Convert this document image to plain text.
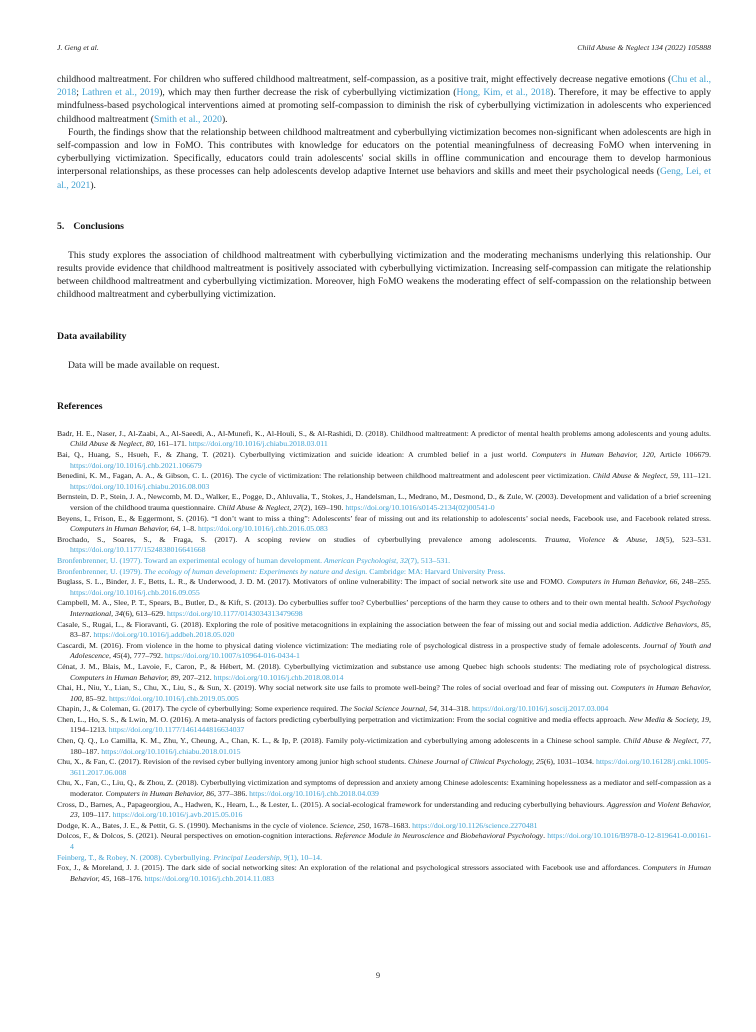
J. Geng et al.	Child Abuse & Neglect 134 (2022) 105888

childhood maltreatment. For children who suffered childhood maltreatment, self-compassion, as a positive trait, might effectively decrease negative emotions (Chu et al., 2018; Lathren et al., 2019), which may then further decrease the risk of cyberbullying victimization (Hong, Kim, et al., 2018). Therefore, it may be effective to apply mindfulness-based psychological interventions aimed at promoting self-compassion to diminish the risk of cyberbullying victimization in adolescents who experienced childhood maltreatment (Smith et al., 2020).

Fourth, the findings show that the relationship between childhood maltreatment and cyberbullying victimization becomes non-significant when adolescents are high in self-compassion and low in FoMO. This contributes with knowledge for educators on the potential meaningfulness of decreasing FoMO when intervening in cyberbullying victimization. Specifically, educators could train adolescents' social skills in offline communication and encourage them to develop harmonious interpersonal relationships, as these processes can help adolescents develop adaptive Internet use behaviors and skills and meet their psychological needs (Geng, Lei, et al., 2021).

5. Conclusions

This study explores the association of childhood maltreatment with cyberbullying victimization and the moderating mechanisms underlying this relationship. Our results provide evidence that childhood maltreatment is positively associated with cyberbullying victimization. Increasing self-compassion can mitigate the relationship between childhood maltreatment and cyberbullying victimization. Moreover, high FoMO weakens the moderating effect of self-compassion on the relationship between childhood maltreatment and cyberbullying victimization.

Data availability

Data will be made available on request.

References

Badr, H. E., Naser, J., Al-Zaabi, A., Al-Saeedi, A., Al-Munefi, K., Al-Houli, S., & Al-Rashidi, D. (2018). Childhood maltreatment: A predictor of mental health problems among adolescents and young adults. Child Abuse & Neglect, 80, 161–171. https://doi.org/10.1016/j.chiabu.2018.03.011

Bai, Q., Huang, S., Hsueh, F., & Zhang, T. (2021). Cyberbullying victimization and suicide ideation: A crumbled belief in a just world. Computers in Human Behavior, 120, Article 106679. https://doi.org/10.1016/j.chb.2021.106679

Benedini, K. M., Fagan, A. A., & Gibson, C. L. (2016). The cycle of victimization: The relationship between childhood maltreatment and adolescent peer victimization. Child Abuse & Neglect, 59, 111–121. https://doi.org/10.1016/j.chiabu.2016.08.003

Bernstein, D. P., Stein, J. A., Newcomb, M. D., Walker, E., Pogge, D., Ahluvalia, T., Stokes, J., Handelsman, L., Medrano, M., Desmond, D., & Zule, W. (2003). Development and validation of a brief screening version of the childhood trauma questionnaire. Child Abuse & Neglect, 27(2), 169–190. https://doi.org/10.1016/s0145-2134(02)00541-0

Beyens, I., Frison, E., & Eggermont, S. (2016). “I don’t want to miss a thing”: Adolescents’ fear of missing out and its relationship to adolescents’ social needs, Facebook use, and Facebook related stress. Computers in Human Behavior, 64, 1–8. https://doi.org/10.1016/j.chb.2016.05.083

Brochado, S., Soares, S., & Fraga, S. (2017). A scoping review on studies of cyberbullying prevalence among adolescents. Trauma, Violence & Abuse, 18(5), 523–531. https://doi.org/10.1177/1524838016641668

Bronfenbrenner, U. (1977). Toward an experimental ecology of human development. American Psychologist, 32(7), 513–531.

Bronfenbrenner, U. (1979). The ecology of human development: Experiments by nature and design. Cambridge: MA: Harvard University Press.

Buglass, S. L., Binder, J. F., Betts, L. R., & Underwood, J. D. M. (2017). Motivators of online vulnerability: The impact of social network site use and FOMO. Computers in Human Behavior, 66, 248–255. https://doi.org/10.1016/j.chb.2016.09.055

Campbell, M. A., Slee, P. T., Spears, B., Butler, D., & Kift, S. (2013). Do cyberbullies suffer too? Cyberbullies’ perceptions of the harm they cause to others and to their own mental health. School Psychology International, 34(6), 613–629. https://doi.org/10.1177/0143034313479698

Casale, S., Rugai, L., & Fioravanti, G. (2018). Exploring the role of positive metacognitions in explaining the association between the fear of missing out and social media addiction. Addictive Behaviors, 85, 83–87. https://doi.org/10.1016/j.addbeh.2018.05.020

Cascardi, M. (2016). From violence in the home to physical dating violence victimization: The mediating role of psychological distress in a prospective study of female adolescents. Journal of Youth and Adolescence, 45(4), 777–792. https://doi.org/10.1007/s10964-016-0434-1

Cénat, J. M., Blais, M., Lavoie, F., Caron, P., & Hébert, M. (2018). Cyberbullying victimization and substance use among Quebec high schools students: The mediating role of psychological distress. Computers in Human Behavior, 89, 207–212. https://doi.org/10.1016/j.chb.2018.08.014

Chai, H., Niu, Y., Lian, S., Chu, X., Liu, S., & Sun, X. (2019). Why social network site use fails to promote well-being? The roles of social overload and fear of missing out. Computers in Human Behavior, 100, 85–92. https://doi.org/10.1016/j.chb.2019.05.005

Chapin, J., & Coleman, G. (2017). The cycle of cyberbullying: Some experience required. The Social Science Journal, 54, 314–318. https://doi.org/10.1016/j.soscij.2017.03.004

Chen, L., Ho, S. S., & Lwin, M. O. (2016). A meta-analysis of factors predicting cyberbullying perpetration and victimization: From the social cognitive and media effects approach. New Media & Society, 19, 1194–1213. https://doi.org/10.1177/1461444816634037

Chen, Q. Q., Lo Camilla, K. M., Zhu, Y., Cheung, A., Chan, K. L., & Ip, P. (2018). Family poly-victimization and cyberbullying among adolescents in a Chinese school sample. Child Abuse & Neglect, 77, 180–187. https://doi.org/10.1016/j.chiabu.2018.01.015

Chu, X., & Fan, C. (2017). Revision of the revised cyber bullying inventory among junior high school students. Chinese Journal of Clinical Psychology, 25(6), 1031–1034. https://doi.org/10.16128/j.cnki.1005-3611.2017.06.008

Chu, X., Fan, C., Liu, Q., & Zhou, Z. (2018). Cyberbullying victimization and symptoms of depression and anxiety among Chinese adolescents: Examining hopelessness as a mediator and self-compassion as a moderator. Computers in Human Behavior, 86, 377–386. https://doi.org/10.1016/j.chb.2018.04.039

Cross, D., Barnes, A., Papageorgiou, A., Hadwen, K., Hearn, L., & Lester, L. (2015). A social-ecological framework for understanding and reducing cyberbullying behaviours. Aggression and Violent Behavior, 23, 109–117. https://doi.org/10.1016/j.avb.2015.05.016

Dodge, K. A., Bates, J. E., & Pettit, G. S. (1990). Mechanisms in the cycle of violence. Science, 250, 1678–1683. https://doi.org/10.1126/science.2270481

Dolcos, F., & Dolcos, S. (2021). Neural perspectives on emotion-cognition interactions. Reference Module in Neuroscience and Biobehavioral Psychology. https://doi.org/10.1016/B978-0-12-819641-0.00161-4

Feinberg, T., & Robey, N. (2008). Cyberbullying. Principal Leadership, 9(1), 10–14.

Fox, J., & Moreland, J. J. (2015). The dark side of social networking sites: An exploration of the relational and psychological stressors associated with Facebook use and affordances. Computers in Human Behavior, 45, 168–176. https://doi.org/10.1016/j.chb.2014.11.083

9
